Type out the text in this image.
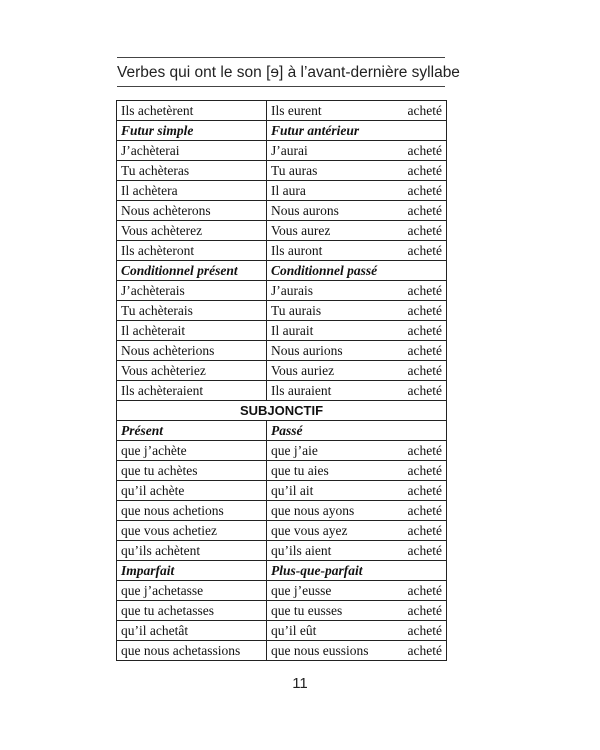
Verbes qui ont le son [ɘ] à l’avant-dernière syllabe
Ils achetèrent	Ils eurent acheté

Futur simple	Futur antérieur
J’achèterai	J’aurai acheté

Tu achèteras	Tu auras acheté

Il achètera	Il aura acheté

Nous achèterons	Nous aurons acheté

Vous achèterez	Vous aurez acheté

Ils achèteront	Ils auront acheté

Conditionnel présent	Conditionnel passé
J’achèterais	J’aurais acheté

Tu achèterais	Tu aurais acheté

Il achèterait	Il aurait acheté

Nous achèterions	Nous aurions acheté

Vous achèteriez	Vous auriez acheté

Ils achèteraient	Ils auraient acheté

SUBJONCTIF	
Présent	Passé
que j’achète	que j’aie acheté

que tu achètes	que tu aies acheté

qu’il achète	qu’il ait acheté

que nous achetions	que nous ayons acheté

que vous achetiez	que vous ayez acheté

qu’ils achètent	qu’ils aient acheté

Imparfait	Plus-que-parfait
que j’achetasse	que j’eusse acheté

que tu achetasses	que tu eusses acheté

qu’il achetât	qu’il eût acheté

que nous achetassions	que nous eussions acheté
11
